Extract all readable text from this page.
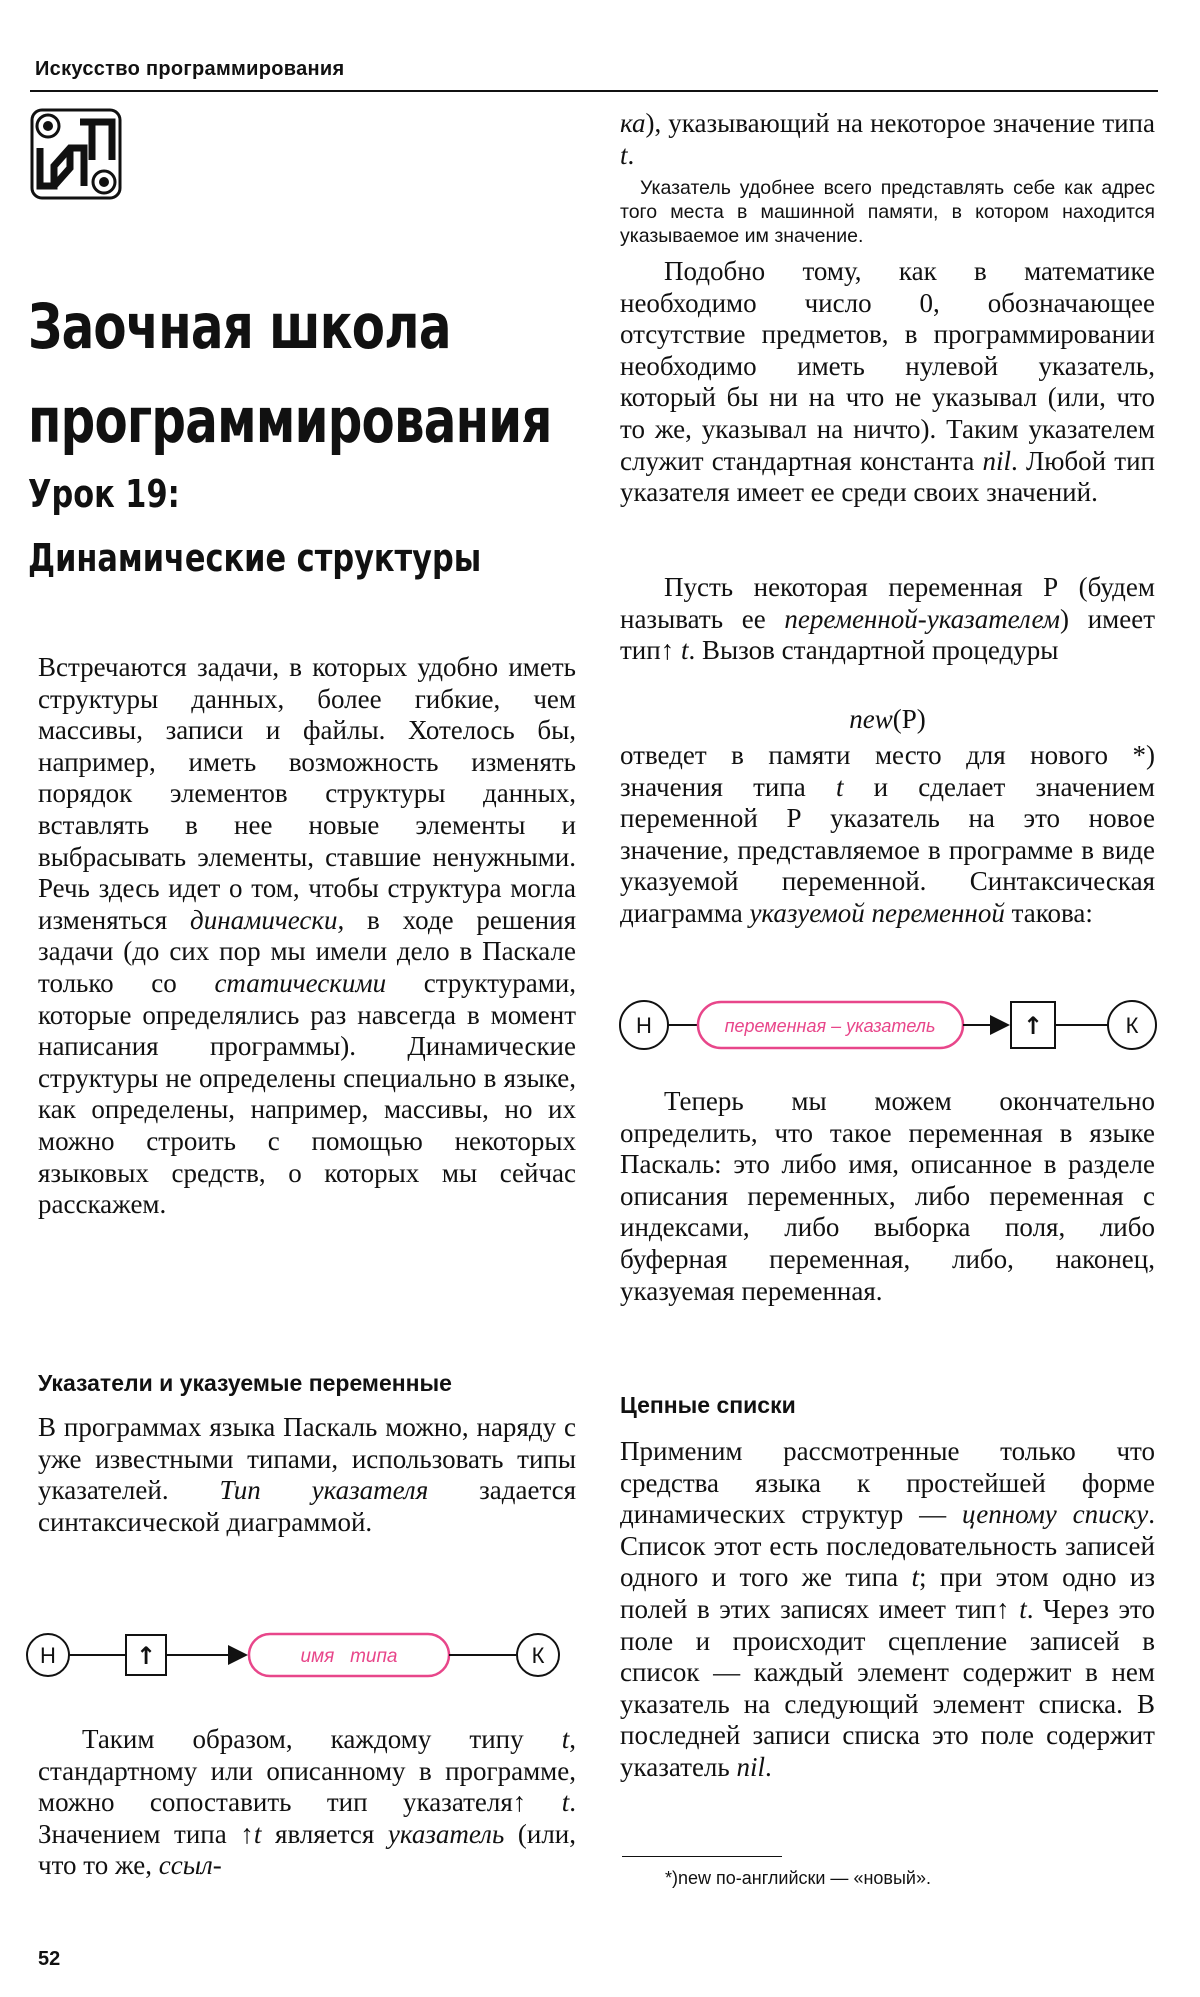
Искусство программирования
Заочная школа
программирования
Урок 19:
Динамические структуры

Встречаются задачи, в которых удобно иметь структуры данных, более гибкие, чем массивы, записи и файлы. Хотелось бы, например, иметь возможность изменять порядок элементов структуры данных, вставлять в нее новые элементы и выбрасывать элементы, ставшие ненужными. Речь здесь идет о том, чтобы структура могла изменяться динамически, в ходе решения задачи (до сих пор мы имели дело в Паскале только со статическими структурами, которые определялись раз навсегда в момент написания программы). Динамические структуры не определены специально в языке, как определены, например, массивы, но их можно строить с помощью некоторых языковых средств, о которых мы сейчас расскажем.

Указатели и указуемые переменные

В программах языка Паскаль можно, наряду с уже известными типами, использовать типы указателей. Тип указателя задается синтаксической диаграммой.

Н	↑	имя   типа	К

Таким образом, каждому типу t, стандартному или описанному в программе, можно сопоставить тип указателя↑ t. Значением типа ↑t является указатель (или, что то же, ссыл-

ка), указывающий на некоторое значение типа t.

Указатель удобнее всего представлять себе как адрес того места в машинной памяти, в котором находится указываемое им значение.

Подобно тому, как в математике необходимо число 0, обозначающее отсутствие предметов, в программировании необходимо иметь нулевой указатель, который бы ни на что не указывал (или, что то же, указывал на ничто). Таким указателем служит стандартная константа nil. Любой тип указателя имеет ее среди своих значений.

Пусть некоторая переменная Р (будем называть ее переменной-указателем) имеет тип↑ t. Вызов стандартной процедуры

new(P)

отведет в памяти место для нового *) значения типа t и сделает значением переменной Р указатель на это новое значение, представляемое в программе в виде указуемой переменной. Синтаксическая диаграмма указуемой переменной такова:

Н	переменная – указатель	↑	К

Теперь мы можем окончательно определить, что такое переменная в языке Паскаль: это либо имя, описанное в разделе описания переменных, либо переменная с индексами, либо выборка поля, либо буферная переменная, либо, наконец, указуемая переменная.

Цепные списки

Применим рассмотренные только что средства языка к простейшей форме динамических структур — цепному списку. Список этот есть последовательность записей одного и того же типа t; при этом одно из полей в этих записях имеет тип↑ t. Через это поле и происходит сцепление записей в список — каждый элемент содержит в нем указатель на следующий элемент списка. В последней записи списка это поле содержит указатель nil.

*)new по-английски — «новый».
52
